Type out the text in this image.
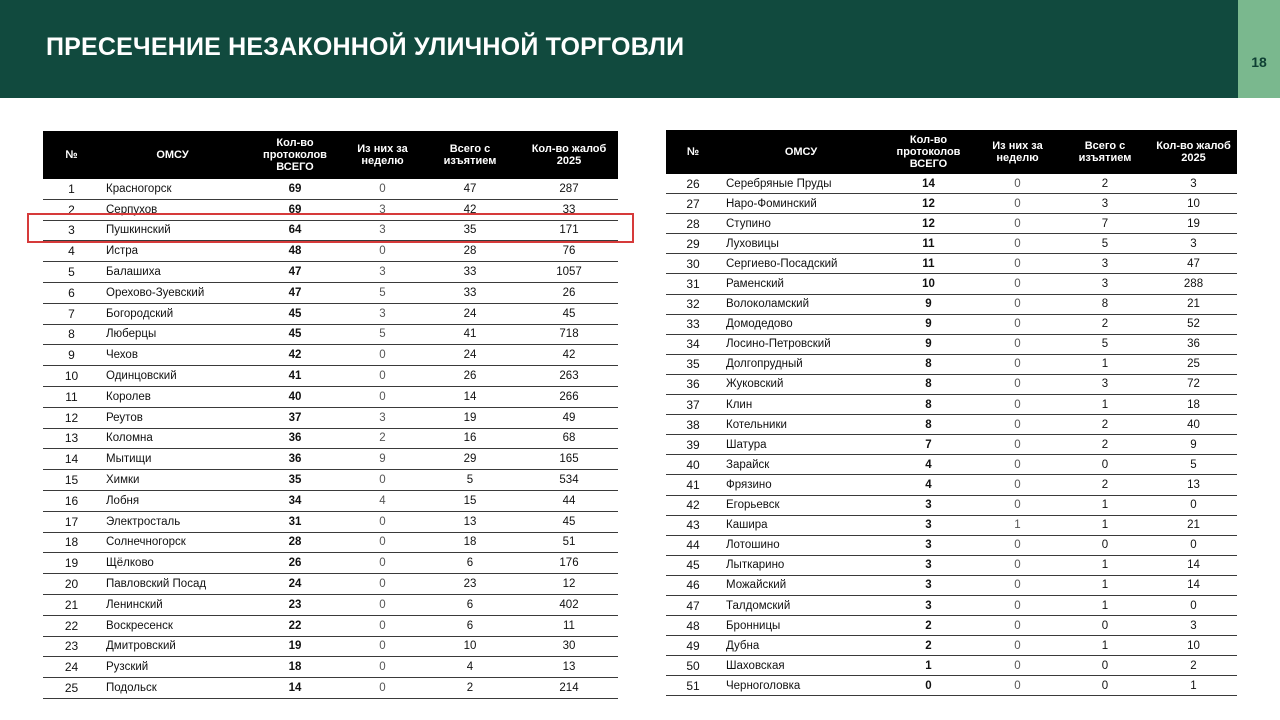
ПРЕСЕЧЕНИЕ НЕЗАКОННОЙ УЛИЧНОЙ ТОРГОВЛИ
18
№	ОМСУ	Кол-во протоколов ВСЕГО	Из них за неделю	Всего с изъятием	Кол-во жалоб 2025
1	Красногорск	69	0	47	287
2	Серпухов	69	3	42	33
3	Пушкинский	64	3	35	171
4	Истра	48	0	28	76
5	Балашиха	47	3	33	1057
6	Орехово-Зуевский	47	5	33	26
7	Богородский	45	3	24	45
8	Люберцы	45	5	41	718
9	Чехов	42	0	24	42
10	Одинцовский	41	0	26	263
11	Королев	40	0	14	266
12	Реутов	37	3	19	49
13	Коломна	36	2	16	68
14	Мытищи	36	9	29	165
15	Химки	35	0	5	534
16	Лобня	34	4	15	44
17	Электросталь	31	0	13	45
18	Солнечногорск	28	0	18	51
19	Щёлково	26	0	6	176
20	Павловский Посад	24	0	23	12
21	Ленинский	23	0	6	402
22	Воскресенск	22	0	6	11
23	Дмитровский	19	0	10	30
24	Рузский	18	0	4	13
25	Подольск	14	0	2	214
№	ОМСУ	Кол-во протоколов ВСЕГО	Из них за неделю	Всего с изъятием	Кол-во жалоб 2025
26	Серебряные Пруды	14	0	2	3
27	Наро-Фоминский	12	0	3	10
28	Ступино	12	0	7	19
29	Луховицы	11	0	5	3
30	Сергиево-Посадский	11	0	3	47
31	Раменский	10	0	3	288
32	Волоколамский	9	0	8	21
33	Домодедово	9	0	2	52
34	Лосино-Петровский	9	0	5	36
35	Долгопрудный	8	0	1	25
36	Жуковский	8	0	3	72
37	Клин	8	0	1	18
38	Котельники	8	0	2	40
39	Шатура	7	0	2	9
40	Зарайск	4	0	0	5
41	Фрязино	4	0	2	13
42	Егорьевск	3	0	1	0
43	Кашира	3	1	1	21
44	Лотошино	3	0	0	0
45	Лыткарино	3	0	1	14
46	Можайский	3	0	1	14
47	Талдомский	3	0	1	0
48	Бронницы	2	0	0	3
49	Дубна	2	0	1	10
50	Шаховская	1	0	0	2
51	Черноголовка	0	0	0	1
